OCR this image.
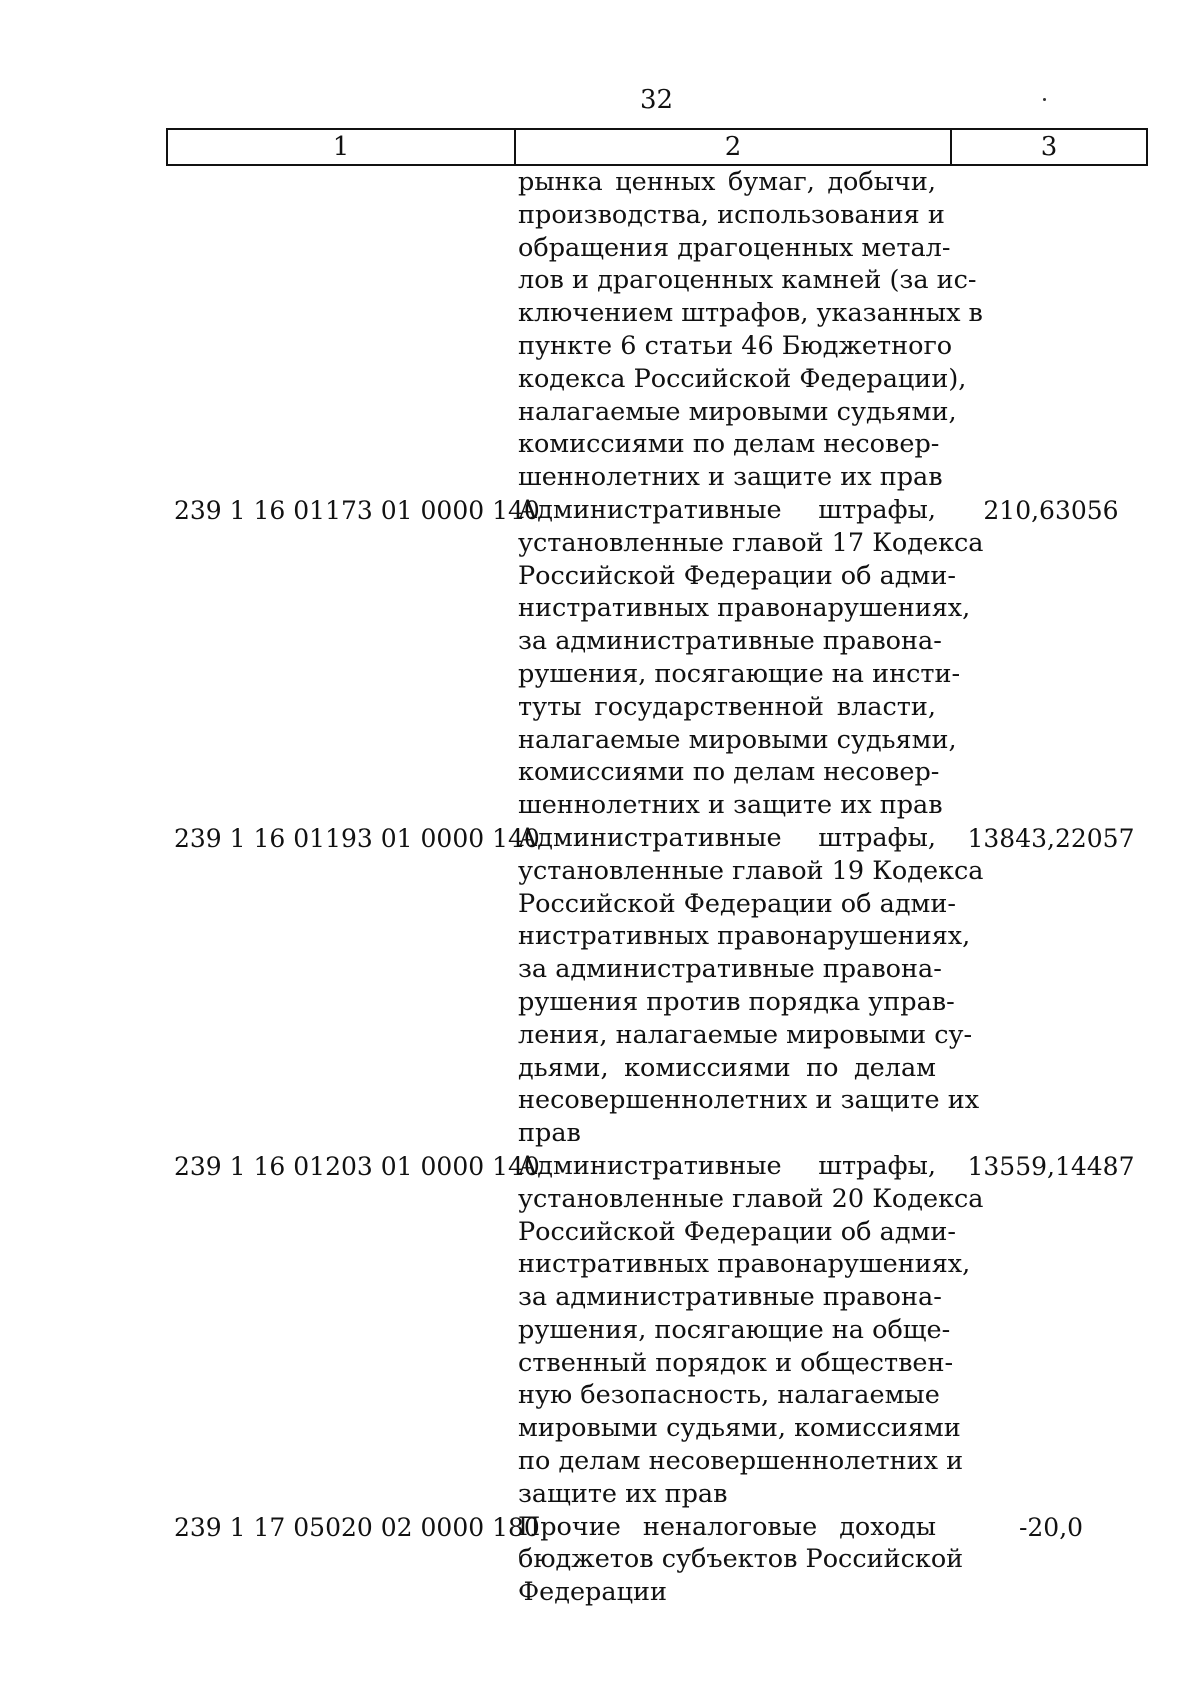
32
1	2	3
рынка ценных бумаг, добычи,
производства, использования и
обращения драгоценных метал-
лов и драгоценных камней (за ис-
ключением штрафов, указанных в
пункте 6 статьи 46 Бюджетного
кодекса Российской Федерации),
налагаемые мировыми судьями,
комиссиями по делам несовер-
шеннолетних и защите их прав
239 1 16 01173 01 0000 140
Административные штрафы,
установленные главой 17 Кодекса
Российской Федерации об адми-
нистративных правонарушениях,
за административные правона-
рушения, посягающие на инсти-
туты государственной власти,
налагаемые мировыми судьями,
комиссиями по делам несовер-
шеннолетних и защите их прав
210,63056
239 1 16 01193 01 0000 140
Административные штрафы,
установленные главой 19 Кодекса
Российской Федерации об адми-
нистративных правонарушениях,
за административные правона-
рушения против порядка управ-
ления, налагаемые мировыми су-
дьями, комиссиями по делам
несовершеннолетних и защите их
прав
13843,22057
239 1 16 01203 01 0000 140
Административные штрафы,
установленные главой 20 Кодекса
Российской Федерации об адми-
нистративных правонарушениях,
за административные правона-
рушения, посягающие на обще-
ственный порядок и обществен-
ную безопасность, налагаемые
мировыми судьями, комиссиями
по делам несовершеннолетних и
защите их прав
13559,14487
239 1 17 05020 02 0000 180
Прочие неналоговые доходы
бюджетов субъектов Российской
Федерации
-20,0
